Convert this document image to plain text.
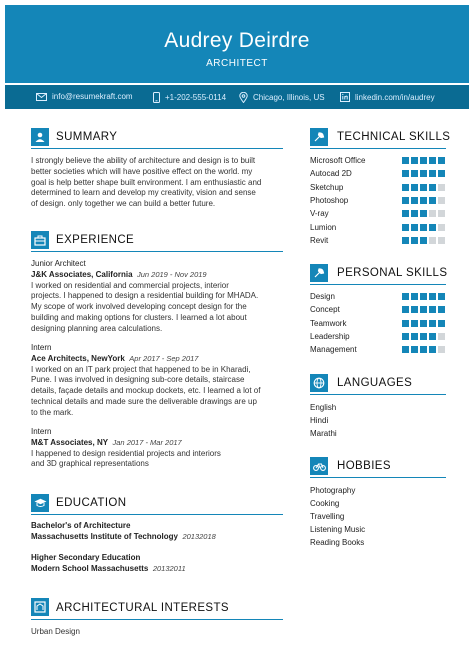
Audrey Deirdre
ARCHITECT
info@resumekraft.com	+1-202-555-0114	Chicago, Illinois, US	linkedin.com/in/audrey
SUMMARY
I strongly believe the ability of architecture and design is to built
better societies which will have positive effect on the world. my
goal is help better shape built environment. I am enthusiastic and
determined to learn and develop my creativity, vision and sense
of design. only together we can build a better future.
EXPERIENCE
Junior Architect
J&K Associates, California Jun 2019 - Nov 2019
I worked on residential and commercial projects, interior
projects. I happened to design a residential building for MHADA.
My scope of work involved developing concept design for the
building and making options for clusters. I learned a lot about
designing planning area calculations.
Intern
Ace Architects, NewYork Apr 2017 - Sep 2017
I worked on an IT park project that happened to be in Kharadi,
Pune. I was involved in designing sub-core details, staircase
details, façade details and mockup dockets, etc. I learned a lot of
technical details and made sure the deliverable drawings are up
to the mark.
Intern
M&T Associates, NY Jan 2017 - Mar 2017
I happened to design residential projects and interiors
and 3D graphical representations
EDUCATION
Bachelor's of Architecture
Massachusetts Institute of Technology 20132018
Higher Secondary Education
Modern School Massachusetts 20132011
ARCHITECTURAL INTERESTS
Urban Design
TECHNICAL SKILLS
Microsoft Office
Autocad 2D
Sketchup
Photoshop
V-ray
Lumion
Revit
PERSONAL SKILLS
Design
Concept
Teamwork
Leadership
Management
LANGUAGES
English
Hindi
Marathi
HOBBIES
Photography
Cooking
Travelling
Listening Music
Reading Books
